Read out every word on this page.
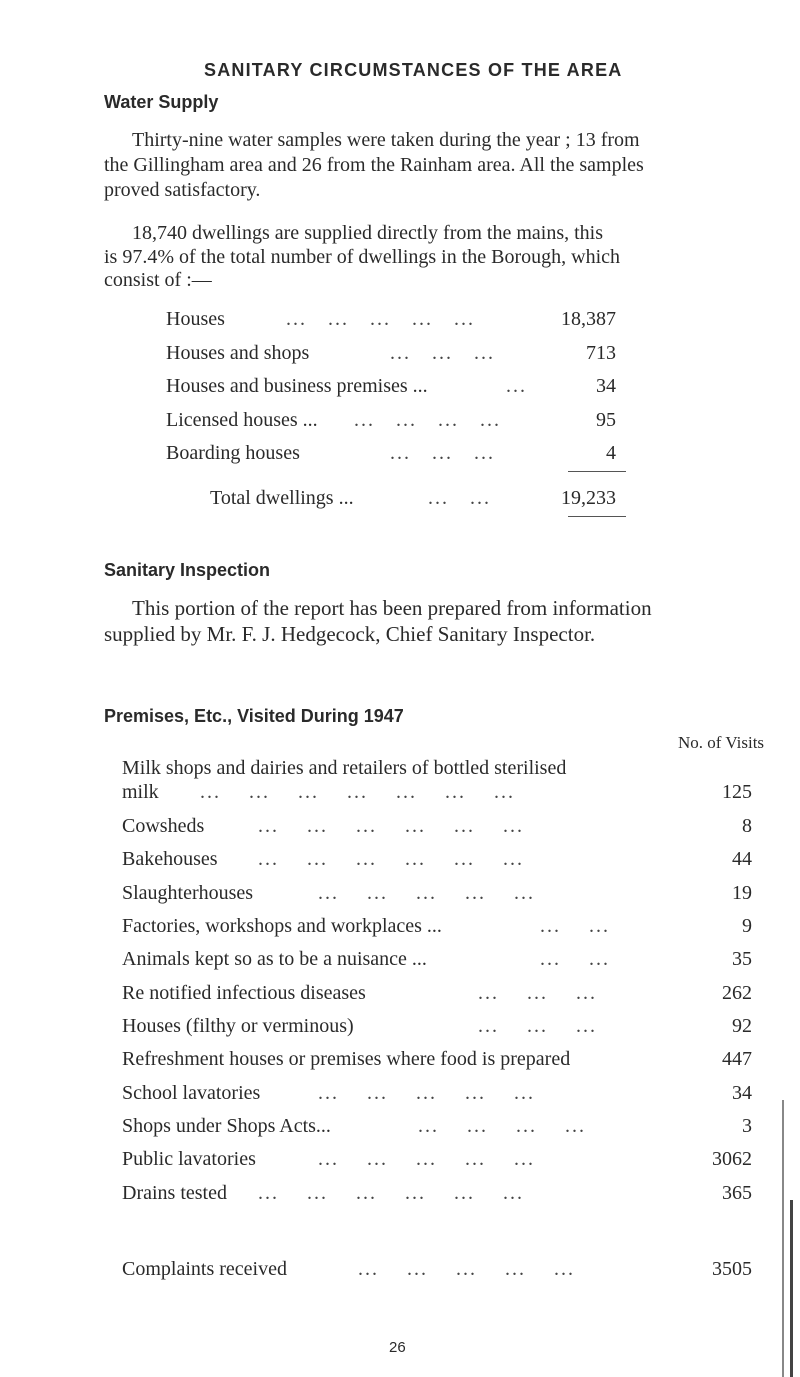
SANITARY CIRCUMSTANCES OF THE AREA
Water Supply
Thirty-nine water samples were taken during the year ; 13 from
the Gillingham area and 26 from the Rainham area. All the samples
proved satisfactory.
18,740 dwellings are supplied directly from the mains, this
is 97.4% of the total number of dwellings in the Borough, which
consist of :—
Houses	...   ...   ...   ...   ...	18,387
Houses and shops	...   ...   ...	713
Houses and business premises ...	...	34
Licensed houses ... ...   ...   ...   ...	95
Boarding houses	...   ...   ...	4
Total dwellings ...	...   ...	19,233
Sanitary Inspection
This portion of the report has been prepared from information
supplied by Mr. F. J. Hedgecock, Chief Sanitary Inspector.
Premises, Etc., Visited During 1947
No. of Visits
Milk shops and dairies and retailers of bottled sterilised
milk ...    ...    ...    ...    ...    ...    ...	125
Cowsheds	...    ...    ...    ...    ...    ...	8
Bakehouses ...    ...    ...    ...    ...    ...	44
Slaughterhouses	...    ...    ...    ...    ...	19
Factories, workshops and workplaces ...	...    ...	9
Animals kept so as to be a nuisance ...	...    ...	35
Re notified infectious diseases	...    ...    ...	262
Houses (filthy or verminous)	...    ...    ...	92
Refreshment houses or premises where food is prepared	447
School lavatories	...    ...    ...    ...    ...	34
Shops under Shops Acts...	...    ...    ...    ...	3
Public lavatories	...    ...    ...    ...    ...	3062
Drains tested ...    ...    ...    ...    ...    ...	365
Complaints received	...    ...    ...    ...    ...	3505
26
